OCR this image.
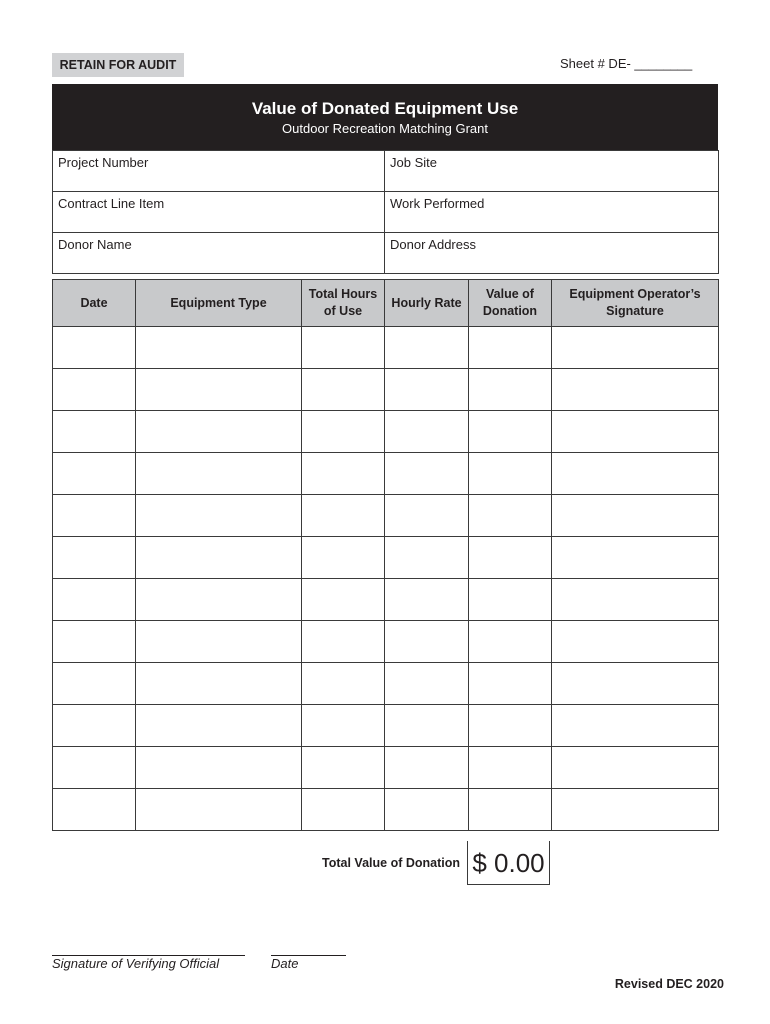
RETAIN FOR AUDIT	Sheet # DE- ________
Value of Donated Equipment Use
Outdoor Recreation Matching Grant
Project Number	Job Site
Contract Line Item	Work Performed
Donor Name	Donor Address
Date	Equipment Type	Total Hours of Use	Hourly Rate	Value of Donation	Equipment Operator’s Signature

Total Value of Donation $ 0.00
Signature of Verifying Official	Date
Revised DEC 2020
